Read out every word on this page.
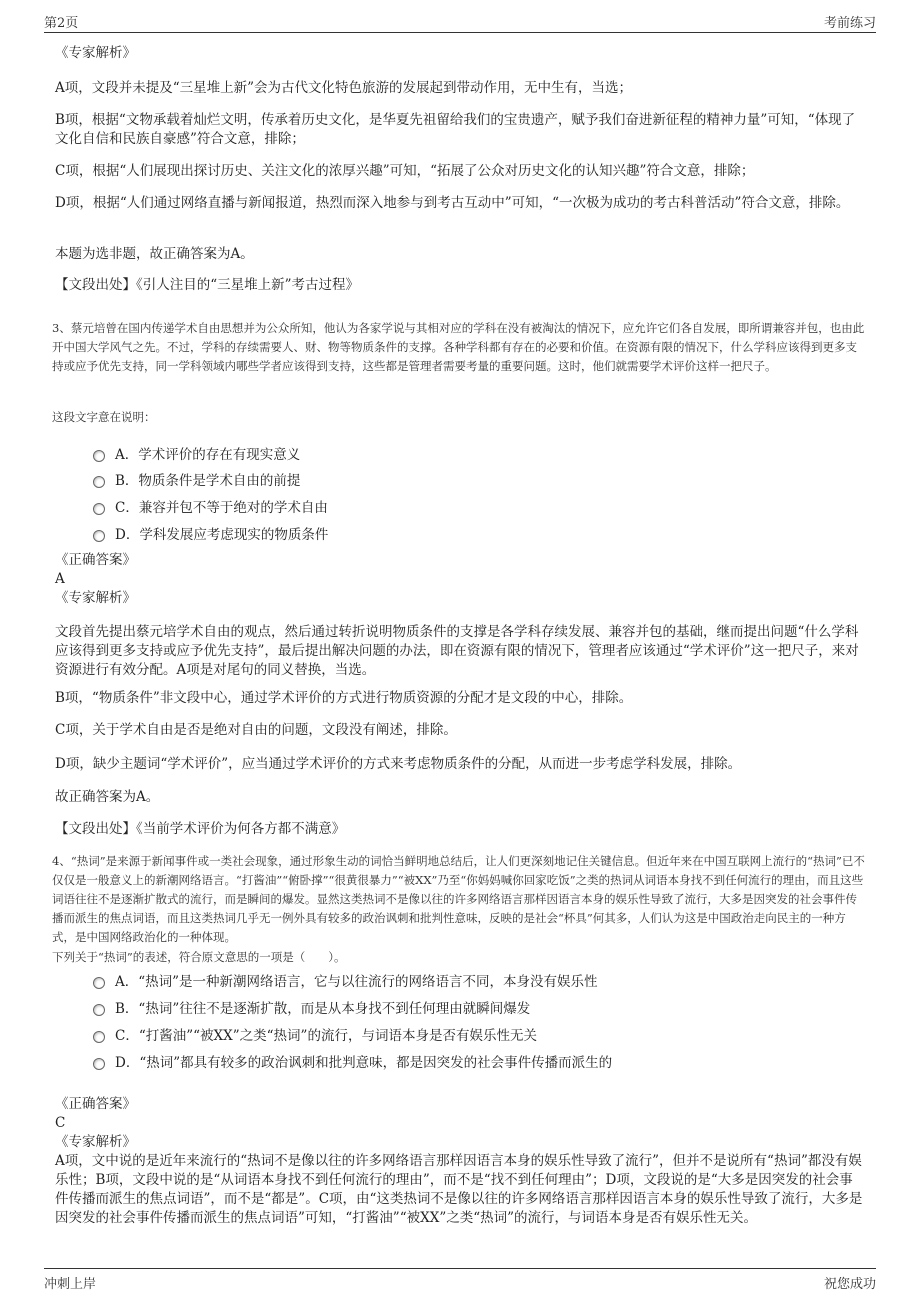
第2页	考前练习

《专家解析》

A项，文段并未提及“三星堆上新”会为古代文化特色旅游的发展起到带动作用，无中生有，当选；

B项，根据“文物承载着灿烂文明，传承着历史文化，是华夏先祖留给我们的宝贵遗产，赋予我们奋进新征程的精神力量”可知，“体现了文化自信和民族自豪感”符合文意，排除；

C项，根据“人们展现出探讨历史、关注文化的浓厚兴趣”可知，“拓展了公众对历史文化的认知兴趣”符合文意，排除；

D项，根据“人们通过网络直播与新闻报道，热烈而深入地参与到考古互动中”可知，“一次极为成功的考古科普活动”符合文意，排除。

本题为选非题，故正确答案为A。

【文段出处】《引人注目的“三星堆上新”考古过程》

3、蔡元培曾在国内传递学术自由思想并为公众所知，他认为各家学说与其相对应的学科在没有被淘汰的情况下，应允许它们各自发展，即所谓兼容并包，也由此开中国大学风气之先。不过，学科的存续需要人、财、物等物质条件的支撑。各种学科都有存在的必要和价值。在资源有限的情况下，什么学科应该得到更多支持或应予优先支持，同一学科领域内哪些学者应该得到支持，这些都是管理者需要考量的重要问题。这时，他们就需要学术评价这样一把尺子。

这段文字意在说明：

A．学术评价的存在有现实意义
B．物质条件是学术自由的前提
C．兼容并包不等于绝对的学术自由
D．学科发展应考虑现实的物质条件

《正确答案》

A

《专家解析》

文段首先提出蔡元培学术自由的观点，然后通过转折说明物质条件的支撑是各学科存续发展、兼容并包的基础，继而提出问题“什么学科应该得到更多支持或应予优先支持”，最后提出解决问题的办法，即在资源有限的情况下，管理者应该通过“学术评价”这一把尺子，来对资源进行有效分配。A项是对尾句的同义替换，当选。

B项，“物质条件”非文段中心，通过学术评价的方式进行物质资源的分配才是文段的中心，排除。

C项，关于学术自由是否是绝对自由的问题，文段没有阐述，排除。

D项，缺少主题词“学术评价”，应当通过学术评价的方式来考虑物质条件的分配，从而进一步考虑学科发展，排除。

故正确答案为A。

【文段出处】《当前学术评价为何各方都不满意》

4、“热词”是来源于新闻事件或一类社会现象，通过形象生动的词恰当鲜明地总结后，让人们更深刻地记住关键信息。但近年来在中国互联网上流行的“热词”已不仅仅是一般意义上的新潮网络语言。“打酱油”“俯卧撑”“很黄很暴力”“被XX”乃至“你妈妈喊你回家吃饭”之类的热词从词语本身找不到任何流行的理由，而且这些词语往往不是逐渐扩散式的流行，而是瞬间的爆发。显然这类热词不是像以往的许多网络语言那样因语言本身的娱乐性导致了流行，大多是因突发的社会事件传播而派生的焦点词语，而且这类热词几乎无一例外具有较多的政治讽刺和批判性意味，反映的是社会“杯具”何其多，人们认为这是中国政治走向民主的一种方式，是中国网络政治化的一种体现。

下列关于“热词”的表述，符合原文意思的一项是（　　）。

A．“热词”是一种新潮网络语言，它与以往流行的网络语言不同，本身没有娱乐性
B．“热词”往往不是逐渐扩散，而是从本身找不到任何理由就瞬间爆发
C．“打酱油”“被XX”之类“热词”的流行，与词语本身是否有娱乐性无关
D．“热词”都具有较多的政治讽刺和批判意味，都是因突发的社会事件传播而派生的

《正确答案》

C

《专家解析》

A项，文中说的是近年来流行的“热词不是像以往的许多网络语言那样因语言本身的娱乐性导致了流行”，但并不是说所有“热词”都没有娱乐性；B项，文段中说的是“从词语本身找不到任何流行的理由”，而不是“找不到任何理由”；D项，文段说的是“大多是因突发的社会事件传播而派生的焦点词语”，而不是“都是”。C项，由“这类热词不是像以往的许多网络语言那样因语言本身的娱乐性导致了流行，大多是因突发的社会事件传播而派生的焦点词语”可知，“打酱油”“被XX”之类“热词”的流行，与词语本身是否有娱乐性无关。

冲刺上岸	祝您成功
